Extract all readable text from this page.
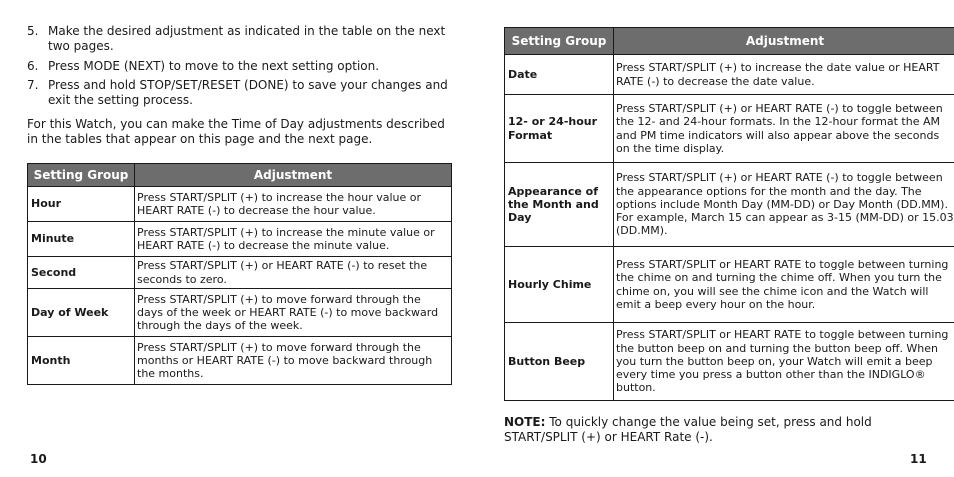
5. Make the desired adjustment as indicated in the table on the next two pages.
6. Press MODE (NEXT) to move to the next setting option.
7. Press and hold STOP/SET/RESET (DONE) to save your changes and exit the setting process.

For this Watch, you can make the Time of Day adjustments described in the tables that appear on this page and the next page.

Setting Group	Adjustment
Hour	Press START/SPLIT (+) to increase the hour value or HEART RATE (-) to decrease the hour value.
Minute	Press START/SPLIT (+) to increase the minute value or HEART RATE (-) to decrease the minute value.
Second	Press START/SPLIT (+) or HEART RATE (-) to reset the seconds to zero.
Day of Week	Press START/SPLIT (+) to move forward through the days of the week or HEART RATE (-) to move backward through the days of the week.
Month	Press START/SPLIT (+) to move forward through the months or HEART RATE (-) to move backward through the months.
10
Setting Group	Adjustment
Date	Press START/SPLIT (+) to increase the date value or HEART RATE (-) to decrease the date value.
12- or 24-hour Format	Press START/SPLIT (+) or HEART RATE (-) to toggle between the 12- and 24-hour formats. In the 12-hour format the AM and PM time indicators will also appear above the seconds on the time display.
Appearance of the Month and Day	Press START/SPLIT (+) or HEART RATE (-) to toggle between the appearance options for the month and the day. The options include Month Day (MM-DD) or Day Month (DD.MM). For example, March 15 can appear as 3-15 (MM-DD) or 15.03 (DD.MM).
Hourly Chime	Press START/SPLIT or HEART RATE to toggle between turning the chime on and turning the chime off. When you turn the chime on, you will see the chime icon and the Watch will emit a beep every hour on the hour.
Button Beep	Press START/SPLIT or HEART RATE to toggle between turning the button beep on and turning the button beep off. When you turn the button beep on, your Watch will emit a beep every time you press a button other than the INDIGLO® button.

NOTE: To quickly change the value being set, press and hold START/SPLIT (+) or HEART Rate (-).

11
